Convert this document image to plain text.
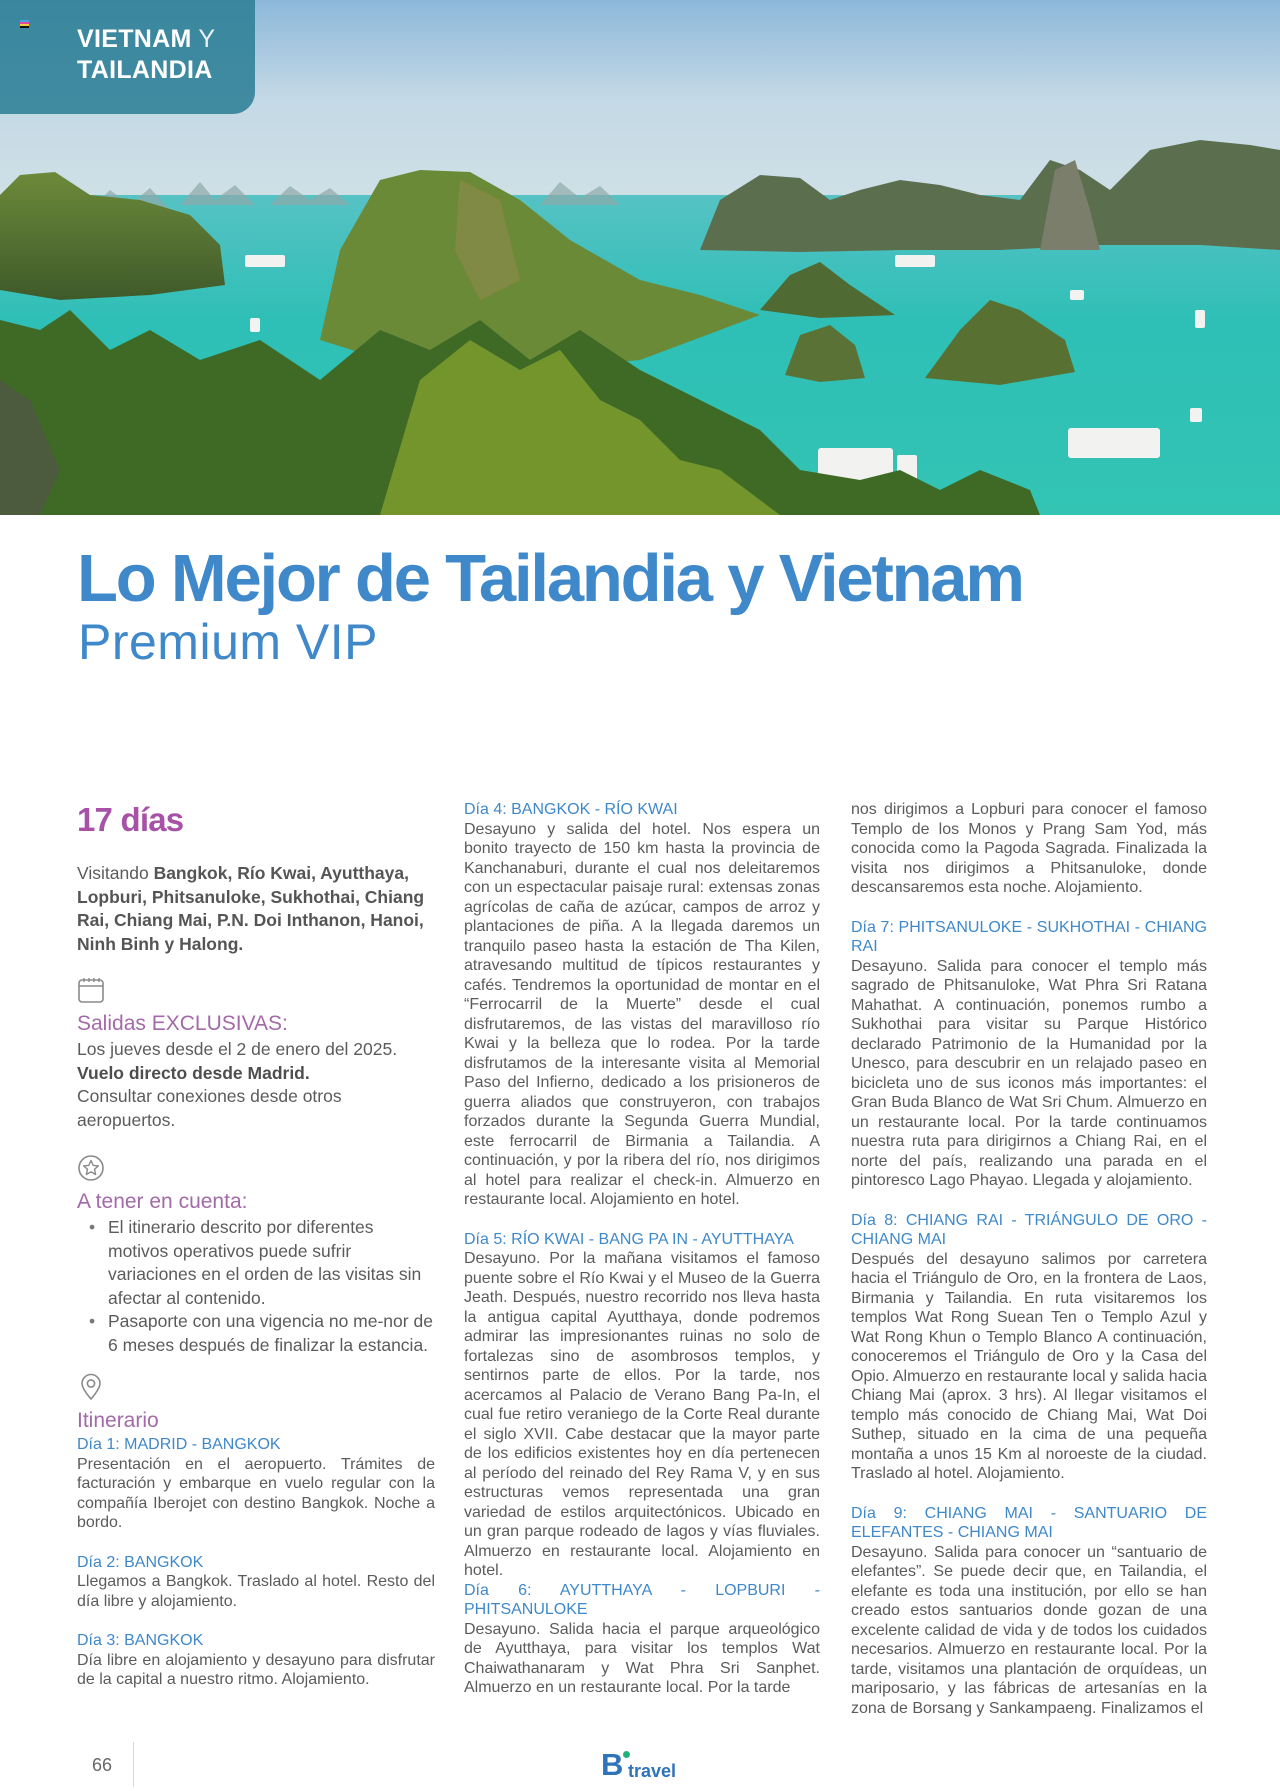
VIETNAM Y
TAILANDIA
Lo Mejor de Tailandia y Vietnam
Premium VIP
17 días

Visitando Bangkok, Río Kwai, Ayutthaya, Lopburi, Phitsanuloke, Sukhothai, Chiang Rai, Chiang Mai, P.N. Doi Inthanon, Hanoi, Ninh Binh y Halong.

Salidas EXCLUSIVAS:
Los jueves desde el 2 de enero del 2025.
Vuelo directo desde Madrid.
Consultar conexiones desde otros aeropuertos.
A tener en cuenta:
• El itinerario descrito por diferentes motivos operativos puede sufrir variaciones en el orden de las visitas sin afectar al contenido.
• Pasaporte con una vigencia no me-nor de 6 meses después de finalizar la estancia.
Itinerario
Día 1: MADRID - BANGKOK

Presentación en el aeropuerto. Trámites de facturación y embarque en vuelo regular con la compañía Iberojet con destino Bangkok. Noche a bordo.

Día 2: BANGKOK

Llegamos a Bangkok. Traslado al hotel. Resto del día libre y alojamiento.

Día 3: BANGKOK

Día libre en alojamiento y desayuno para disfrutar de la capital a nuestro ritmo. Alojamiento.

Día 4: BANGKOK - RÍO KWAI

Desayuno y salida del hotel. Nos espera un bonito trayecto de 150 km hasta la provincia de Kanchanaburi, durante el cual nos deleitaremos con un espectacular paisaje rural: extensas zonas agrícolas de caña de azúcar, campos de arroz y plantaciones de piña. A la llegada daremos un tranquilo paseo hasta la estación de Tha Kilen, atravesando multitud de típicos restaurantes y cafés. Tendremos la oportunidad de montar en el “Ferrocarril de la Muerte” desde el cual disfrutaremos, de las vistas del maravilloso río Kwai y la belleza que lo rodea. Por la tarde disfrutamos de la interesante visita al Memorial Paso del Infierno, dedicado a los prisioneros de guerra aliados que construyeron, con trabajos forzados durante la Segunda Guerra Mundial, este ferrocarril de Birmania a Tailandia. A continuación, y por la ribera del río, nos dirigimos al hotel para realizar el check-in. Almuerzo en restaurante local. Alojamiento en hotel.

Día 5: RÍO KWAI - BANG PA IN - AYUTTHAYA

Desayuno. Por la mañana visitamos el famoso puente sobre el Río Kwai y el Museo de la Guerra Jeath. Después, nuestro recorrido nos lleva hasta la antigua capital Ayutthaya, donde podremos admirar las impresionantes ruinas no solo de fortalezas sino de asombrosos templos, y sentirnos parte de ellos. Por la tarde, nos acercamos al Palacio de Verano Bang Pa-In, el cual fue retiro veraniego de la Corte Real durante el siglo XVII. Cabe destacar que la mayor parte de los edificios existentes hoy en día pertenecen al período del reinado del Rey Rama V, y en sus estructuras vemos representada una gran variedad de estilos arquitectónicos. Ubicado en un gran parque rodeado de lagos y vías fluviales. Almuerzo en restaurante local. Alojamiento en hotel.

Día 6: AYUTTHAYA - LOPBURI - PHITSANULOKE

Desayuno. Salida hacia el parque arqueológico de Ayutthaya, para visitar los templos Wat Chaiwathanaram y Wat Phra Sri Sanphet. Almuerzo en un restaurante local. Por la tarde

nos dirigimos a Lopburi para conocer el famoso Templo de los Monos y Prang Sam Yod, más conocida como la Pagoda Sagrada. Finalizada la visita nos dirigimos a Phitsanuloke, donde descansaremos esta noche. Alojamiento.

Día 7: PHITSANULOKE - SUKHOTHAI - CHIANG RAI

Desayuno. Salida para conocer el templo más sagrado de Phitsanuloke, Wat Phra Sri Ratana Mahathat. A continuación, ponemos rumbo a Sukhothai para visitar su Parque Histórico declarado Patrimonio de la Humanidad por la Unesco, para descubrir en un relajado paseo en bicicleta uno de sus iconos más importantes: el Gran Buda Blanco de Wat Sri Chum. Almuerzo en un restaurante local. Por la tarde continuamos nuestra ruta para dirigirnos a Chiang Rai, en el norte del país, realizando una parada en el pintoresco Lago Phayao. Llegada y alojamiento.

Día 8: CHIANG RAI - TRIÁNGULO DE ORO - CHIANG MAI

Después del desayuno salimos por carretera hacia el Triángulo de Oro, en la frontera de Laos, Birmania y Tailandia. En ruta visitaremos los templos Wat Rong Suean Ten o Templo Azul y Wat Rong Khun o Templo Blanco A continuación, conoceremos el Triángulo de Oro y la Casa del Opio. Almuerzo en restaurante local y salida hacia Chiang Mai (aprox. 3 hrs). Al llegar visitamos el templo más conocido de Chiang Mai, Wat Doi Suthep, situado en la cima de una pequeña montaña a unos 15 Km al noroeste de la ciudad. Traslado al hotel. Alojamiento.

Día 9: CHIANG MAI - SANTUARIO DE ELEFANTES - CHIANG MAI

Desayuno. Salida para conocer un “santuario de elefantes”. Se puede decir que, en Tailandia, el elefante es toda una institución, por ello se han creado estos santuarios donde gozan de una excelente calidad de vida y de todos los cuidados necesarios. Almuerzo en restaurante local. Por la tarde, visitamos una plantación de orquídeas, un mariposario, y las fábricas de artesanías en la zona de Borsang y Sankampaeng. Finalizamos el

66	B travel
